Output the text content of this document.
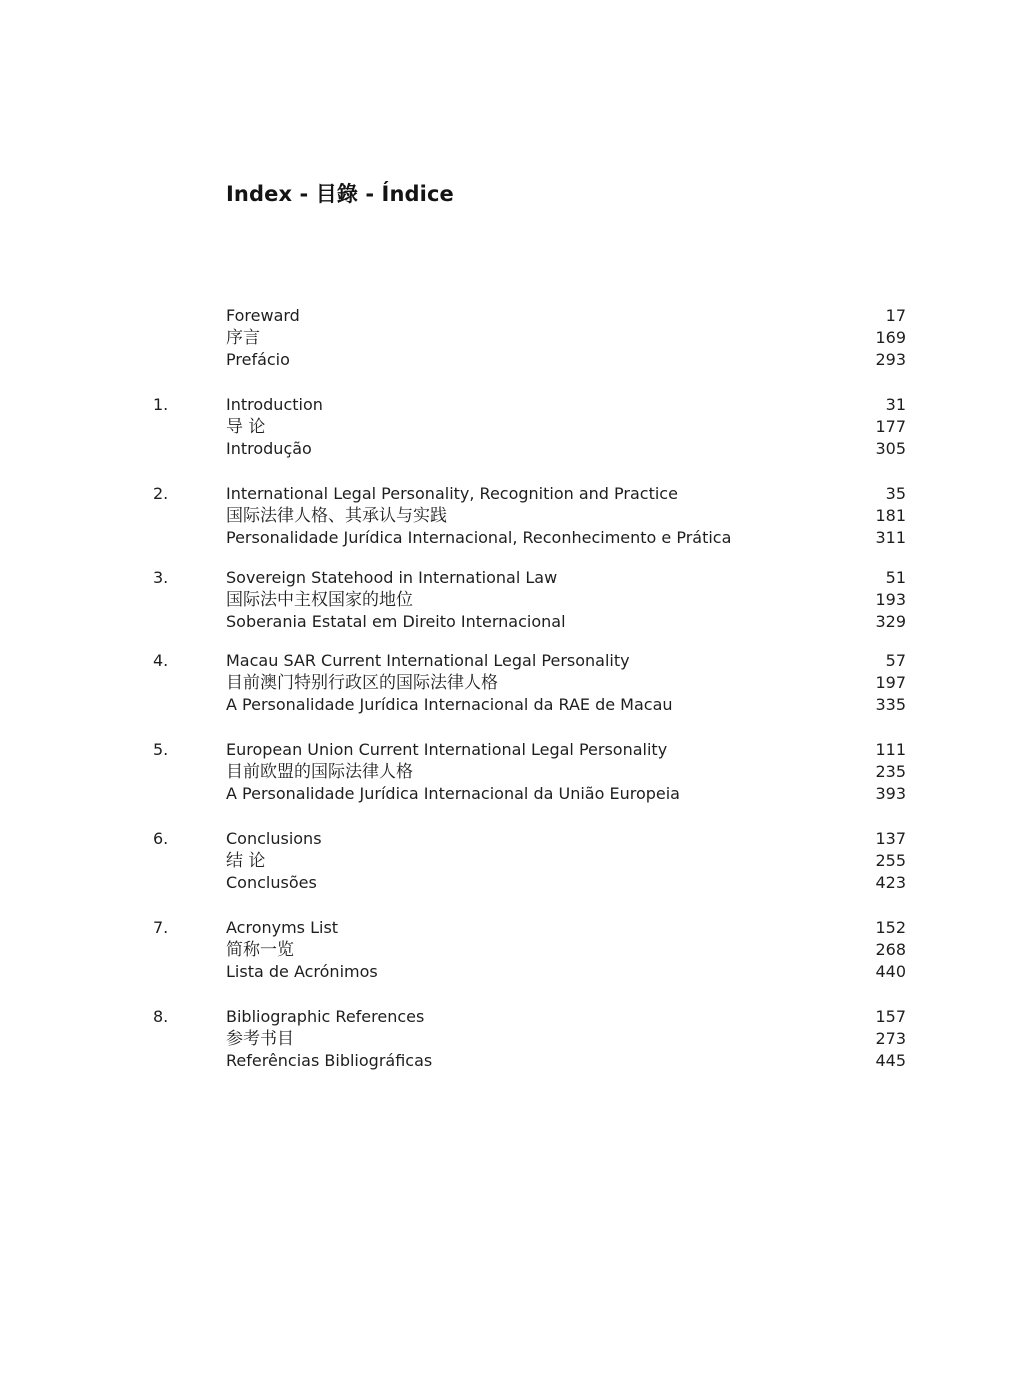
Index - 目錄 - Índice
Foreward	17
序言	169
Prefácio	293
1.	Introduction	31
导 论	177
Introdução	305
2.	International Legal Personality, Recognition and Practice	35
国际法律人格、其承认与实践	181
Personalidade Jurídica Internacional, Reconhecimento e Prática	311
3.	Sovereign Statehood in International Law	51
国际法中主权国家的地位	193
Soberania Estatal em Direito Internacional	329
4.	Macau SAR Current International Legal Personality	57
目前澳门特别行政区的国际法律人格	197
A Personalidade Jurídica Internacional da RAE de Macau	335
5.	European Union Current International Legal Personality	111
目前欧盟的国际法律人格	235
A Personalidade Jurídica Internacional da União Europeia	393
6.	Conclusions	137
结 论	255
Conclusões	423
7.	Acronyms List	152
简称一览	268
Lista de Acrónimos	440
8.	Bibliographic References	157
参考书目	273
Referências Bibliográficas	445
